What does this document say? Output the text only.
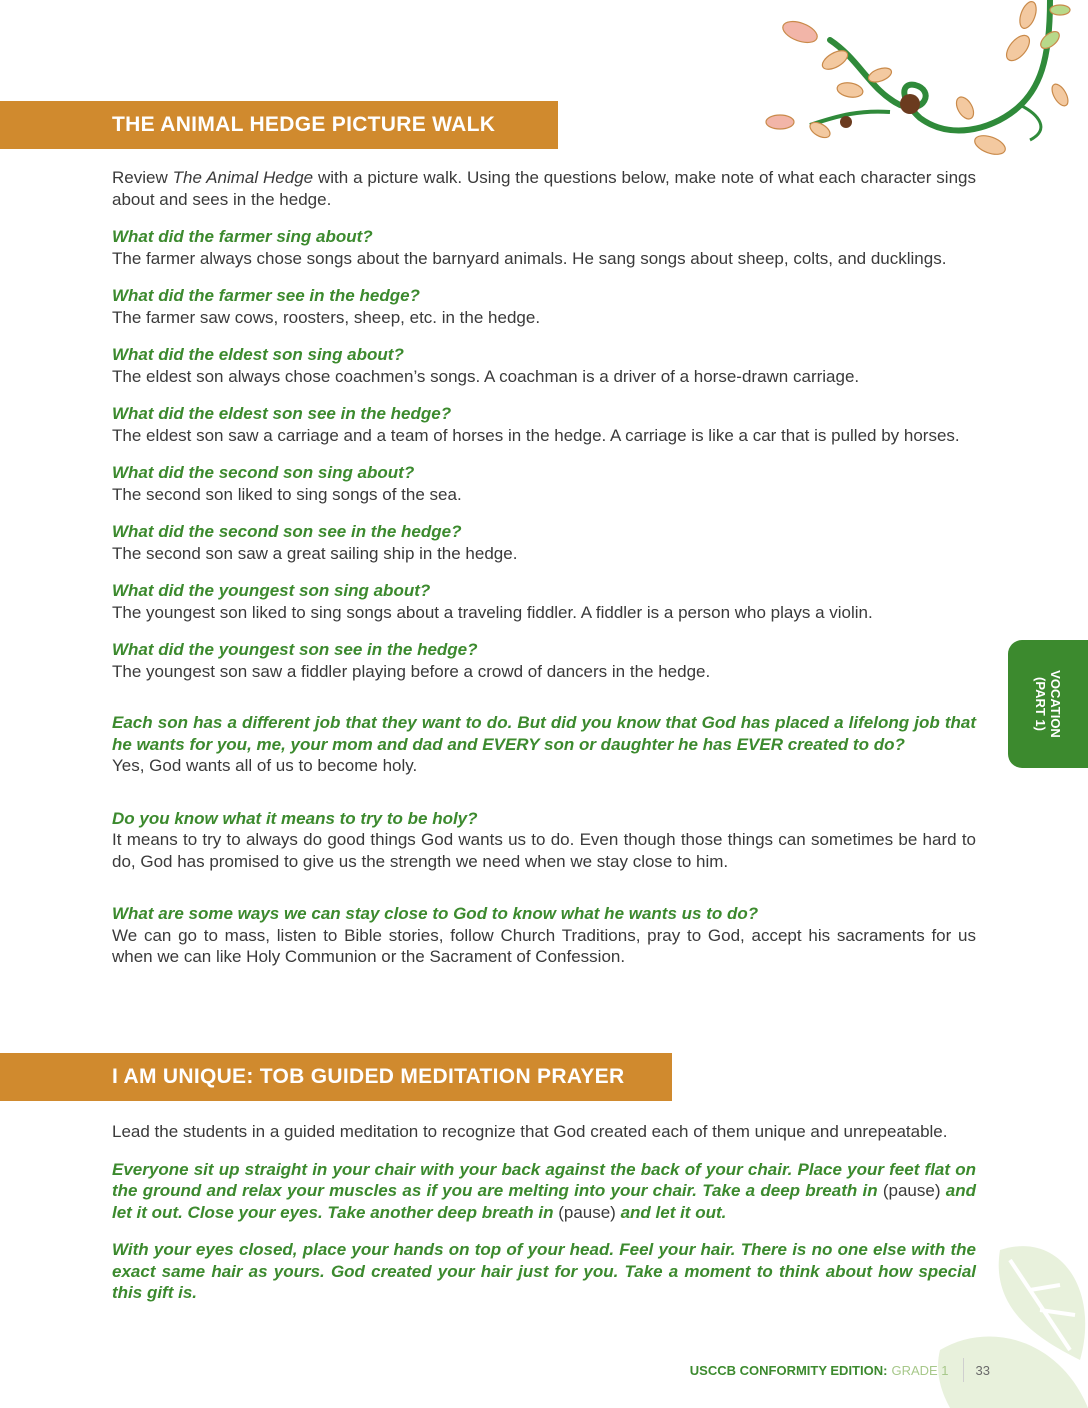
THE ANIMAL HEDGE PICTURE WALK

Review The Animal Hedge with a picture walk. Using the questions below, make note of what each character sings about and sees in the hedge.

What did the farmer sing about?
The farmer always chose songs about the barnyard animals. He sang songs about sheep, colts, and ducklings.
What did the farmer see in the hedge?
The farmer saw cows, roosters, sheep, etc. in the hedge.
What did the eldest son sing about?
The eldest son always chose coachmen’s songs. A coachman is a driver of a horse-drawn carriage.
What did the eldest son see in the hedge?
The eldest son saw a carriage and a team of horses in the hedge. A carriage is like a car that is pulled by horses.
What did the second son sing about?
The second son liked to sing songs of the sea.
What did the second son see in the hedge?
The second son saw a great sailing ship in the hedge.
What did the youngest son sing about?
The youngest son liked to sing songs about a traveling fiddler. A fiddler is a person who plays a violin.
What did the youngest son see in the hedge?
The youngest son saw a fiddler playing before a crowd of dancers in the hedge.
Each son has a different job that they want to do. But did you know that God has placed a lifelong job that he wants for you, me, your mom and dad and EVERY son or daughter he has EVER created to do?
Yes, God wants all of us to become holy.
Do you know what it means to try to be holy?
It means to try to always do good things God wants us to do. Even though those things can sometimes be hard to do, God has promised to give us the strength we need when we stay close to him.
What are some ways we can stay close to God to know what he wants us to do?
We can go to mass, listen to Bible stories, follow Church Traditions, pray to God, accept his sacraments for us when we can like Holy Communion or the Sacrament of Confession.
I AM UNIQUE: TOB GUIDED MEDITATION PRAYER

Lead the students in a guided meditation to recognize that God created each of them unique and unrepeatable.

Everyone sit up straight in your chair with your back against the back of your chair. Place your feet flat on the ground and relax your muscles as if you are melting into your chair. Take a deep breath in (pause) and let it out. Close your eyes. Take another deep breath in (pause) and let it out.

With your eyes closed, place your hands on top of your head. Feel your hair. There is no one else with the exact same hair as yours. God created your hair just for you. Take a moment to think about how special this gift is.

VOCATION
(PART 1)
USCCB CONFORMITY EDITION: GRADE 1 33
